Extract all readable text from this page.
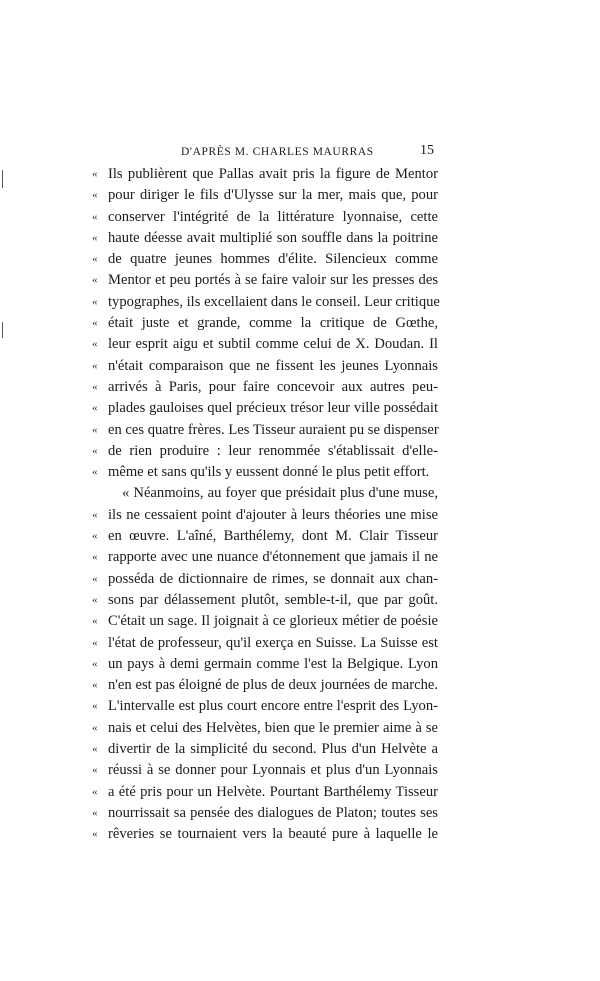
D'APRÈS M. CHARLES MAURRAS	15
« Ils publièrent que Pallas avait pris la figure de Mentor
« pour diriger le fils d'Ulysse sur la mer, mais que, pour
« conserver l'intégrité de la littérature lyonnaise, cette
« haute déesse avait multiplié son souffle dans la poitrine
« de quatre jeunes hommes d'élite. Silencieux comme
« Mentor et peu portés à se faire valoir sur les presses des
« typographes, ils excellaient dans le conseil. Leur critique
« était juste et grande, comme la critique de Gœthe,
« leur esprit aigu et subtil comme celui de X. Doudan. Il
« n'était comparaison que ne fissent les jeunes Lyonnais
« arrivés à Paris, pour faire concevoir aux autres peu-
« plades gauloises quel précieux trésor leur ville possédait
« en ces quatre frères. Les Tisseur auraient pu se dispenser
« de rien produire : leur renommée s'établissait d'elle-
« même et sans qu'ils y eussent donné le plus petit effort.
« Néanmoins, au foyer que présidait plus d'une muse,
« ils ne cessaient point d'ajouter à leurs théories une mise
« en œuvre. L'aîné, Barthélemy, dont M. Clair Tisseur
« rapporte avec une nuance d'étonnement que jamais il ne
« posséda de dictionnaire de rimes, se donnait aux chan-
« sons par délassement plutôt, semble-t-il, que par goût.
« C'était un sage. Il joignait à ce glorieux métier de poésie
« l'état de professeur, qu'il exerça en Suisse. La Suisse est
« un pays à demi germain comme l'est la Belgique. Lyon
« n'en est pas éloigné de plus de deux journées de marche.
« L'intervalle est plus court encore entre l'esprit des Lyon-
« nais et celui des Helvètes, bien que le premier aime à se
« divertir de la simplicité du second. Plus d'un Helvète a
« réussi à se donner pour Lyonnais et plus d'un Lyonnais
« a été pris pour un Helvète. Pourtant Barthélemy Tisseur
« nourrissait sa pensée des dialogues de Platon; toutes ses
« rêveries se tournaient vers la beauté pure à laquelle le
